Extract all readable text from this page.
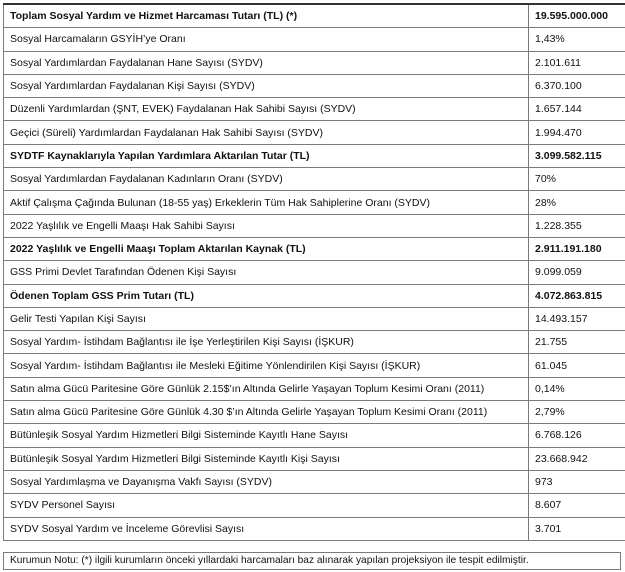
Toplam Sosyal Yardım ve Hizmet Harcaması Tutarı (TL) (*)	19.595.000.000
Sosyal Harcamaların GSYİH’ye Oranı	1,43%
Sosyal Yardımlardan Faydalanan Hane Sayısı (SYDV)	2.101.611
Sosyal Yardımlardan Faydalanan Kişi Sayısı (SYDV)	6.370.100
Düzenli Yardımlardan (ŞNT, EVEK) Faydalanan Hak Sahibi Sayısı (SYDV)	1.657.144
Geçici (Süreli) Yardımlardan Faydalanan Hak Sahibi Sayısı (SYDV)	1.994.470
SYDTF Kaynaklarıyla Yapılan Yardımlara Aktarılan Tutar (TL)	3.099.582.115
Sosyal Yardımlardan Faydalanan Kadınların Oranı (SYDV)	70%
Aktif Çalışma Çağında Bulunan (18-55 yaş) Erkeklerin Tüm Hak Sahiplerine Oranı (SYDV)	28%
2022 Yaşlılık ve Engelli Maaşı Hak Sahibi Sayısı	1.228.355
2022 Yaşlılık ve Engelli Maaşı Toplam Aktarılan Kaynak (TL)	2.911.191.180
GSS Primi Devlet Tarafından Ödenen Kişi Sayısı	9.099.059
Ödenen Toplam GSS Prim Tutarı (TL)	4.072.863.815
Gelir Testi Yapılan Kişi Sayısı	14.493.157
Sosyal Yardım- İstihdam Bağlantısı ile İşe Yerleştirilen Kişi Sayısı (İŞKUR)	21.755
Sosyal Yardım- İstihdam Bağlantısı ile Mesleki Eğitime Yönlendirilen Kişi Sayısı (İŞKUR)	61.045
Satın alma Gücü Paritesine Göre Günlük 2.15$’ın Altında Gelirle Yaşayan Toplum Kesimi Oranı (2011)	0,14%
Satın alma Gücü Paritesine Göre Günlük 4.30 $’ın Altında Gelirle Yaşayan Toplum Kesimi Oranı (2011)	2,79%
Bütünleşik Sosyal Yardım Hizmetleri Bilgi Sisteminde Kayıtlı Hane Sayısı	6.768.126
Bütünleşik Sosyal Yardım Hizmetleri Bilgi Sisteminde Kayıtlı Kişi Sayısı	23.668.942
Sosyal Yardımlaşma ve Dayanışma Vakfı Sayısı (SYDV)	973
SYDV Personel Sayısı	8.607
SYDV Sosyal Yardım ve İnceleme Görevlisi Sayısı	3.701
Kurumun Notu: (*) ilgili kurumların önceki yıllardaki harcamaları baz alınarak yapılan projeksiyon ile tespit edilmiştir.
